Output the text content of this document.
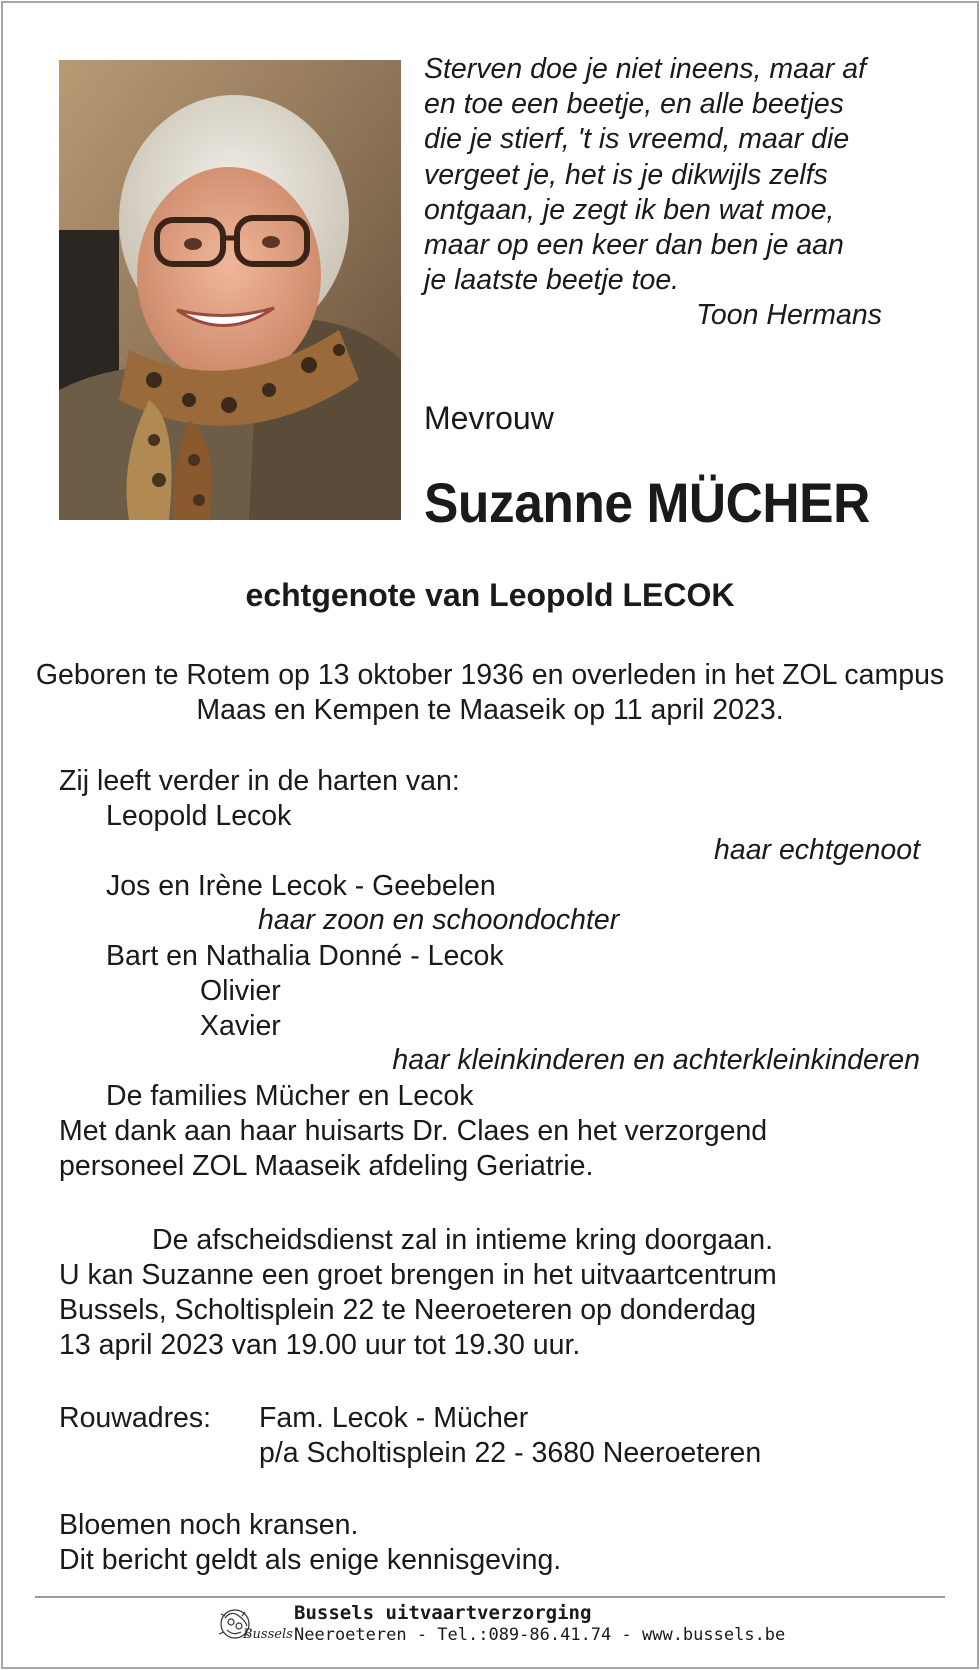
Sterven doe je niet ineens, maar af
en toe een beetje, en alle beetjes
die je stierf, 't is vreemd, maar die
vergeet je, het is je dikwijls zelfs
ontgaan, je zegt ik ben wat moe,
maar op een keer dan ben je aan
je laatste beetje toe.
Toon Hermans
Mevrouw
Suzanne MÜCHER
echtgenote van Leopold LECOK
Geboren te Rotem op 13 oktober 1936 en overleden in het ZOL campus Maas en Kempen te Maaseik op 11 april 2023.
Zij leeft verder in de harten van:
Leopold Lecok
haar echtgenoot
Jos en Irène Lecok - Geebelen
haar zoon en schoondochter
Bart en Nathalia Donné - Lecok
Olivier
Xavier
haar kleinkinderen en achterkleinkinderen
De families Mücher en Lecok
Met dank aan haar huisarts Dr. Claes en het verzorgend
personeel ZOL Maaseik afdeling Geriatrie.
De afscheidsdienst zal in intieme kring doorgaan.
U kan Suzanne een groet brengen in het uitvaartcentrum
Bussels, Scholtisplein 22 te Neeroeteren op donderdag
13 april 2023 van 19.00 uur tot 19.30 uur.
Rouwadres: Fam. Lecok - Mücher
p/a Scholtisplein 22 - 3680 Neeroeteren
Bloemen noch kransen.
Dit bericht geldt als enige kennisgeving.
Bussels
Bussels uitvaartverzorging
Neeroeteren - Tel.:089-86.41.74 - www.bussels.be
